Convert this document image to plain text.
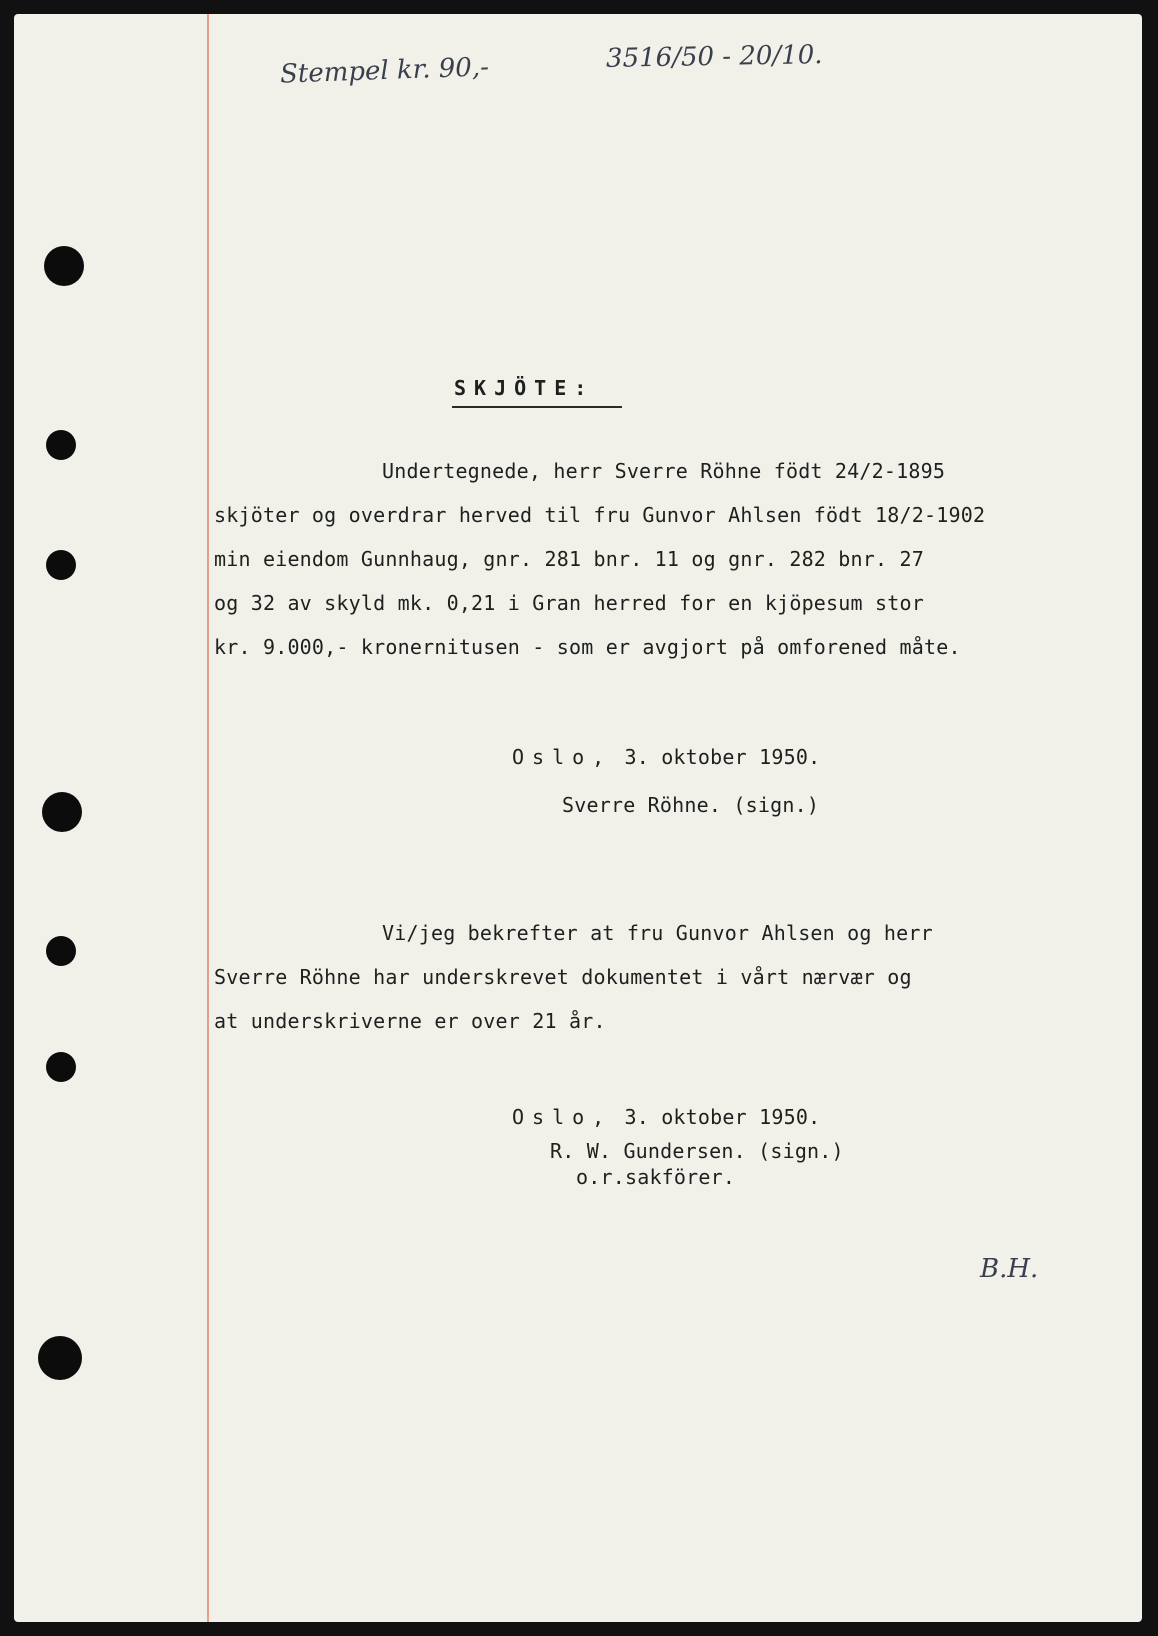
Stempel kr. 90,-	3516/50 - 20/10.
SKJÖTE:
Undertegnede, herr Sverre Röhne födt 24/2-1895
skjöter og overdrar herved til fru Gunvor Ahlsen födt 18/2-1902
min eiendom Gunnhaug, gnr. 281 bnr. 11 og gnr. 282 bnr. 27
og 32 av skyld mk. 0,21 i Gran herred for en kjöpesum stor
kr. 9.000,- kronernitusen - som er avgjort på omforened måte.
Oslo, 3. oktober 1950.
Sverre Röhne. (sign.)
Vi/jeg bekrefter at fru Gunvor Ahlsen og herr
Sverre Röhne har underskrevet dokumentet i vårt nærvær og
at underskriverne er over 21 år.
Oslo, 3. oktober 1950.
R. W. Gundersen. (sign.)
o.r.sakförer.
B.H.
